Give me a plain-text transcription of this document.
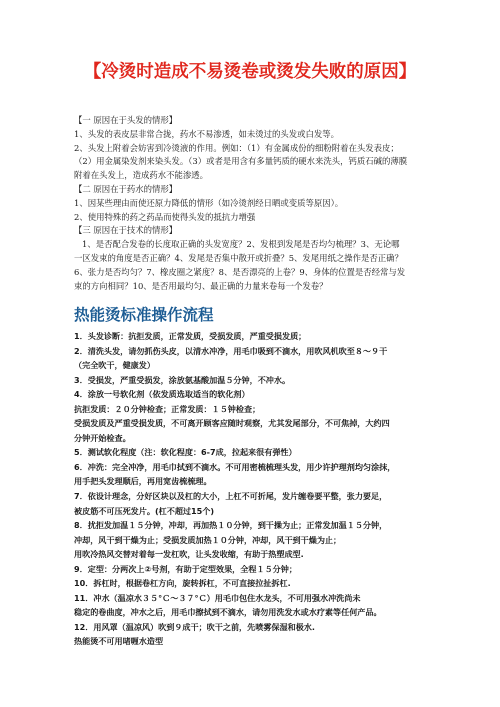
【冷烫时造成不易烫卷或烫发失败的原因】

【一 原因在于头发的情形】

1、头发的表皮层非常合拢，药水不易渗透，如未烫过的头发或白发等。

2、头发上附着会妨害到冷烫液的作用。例如：（1）有金属成份的细粉附着在头发表皮；

（2）用金属染发剂来染头发。（3）或者是用含有多量钙质的硬水来洗头，钙质石碱的薄膜

附着在头发上，造成药水不能渗透。

【二 原因在于药水的情形】

1、因某些理由而使还原力降低的情形（如冷烫剂经日晒或变质等原因）。

2、使用特殊的药之药品而使得头发的抵抗力增强

【三 原因在于技术的情形】

1、是否配合发卷的长度取正确的头发宽度？2、发根到发尾是否均匀梳理？3、无论哪

一区发束的角度是否正确？4、发尾是否集中散开或折叠？5、发尾用纸之操作是否正确？

6、张力是否均匀？7、橡皮圈之紧度？8、是否漂亮的上卷？9、身体的位置是否经常与发

束的方向相同？10、是否用最均匀、最正确的力量来卷每一个发卷？

热能烫标准操作流程

1．头发诊断：抗拒发质，正常发质，受损发质，严重受损发质；

2．清洗头发，请勿抓伤头皮，以清水冲净，用毛巾吸到不滴水，用吹风机吹至８～９干

（完全吹干，健康发）

3．受损发，严重受损发，涂放氨基酸加温５分钟，不冲水。

4．涂放一号软化剂（依发质选取适当的软化剂）

抗拒发质：２０分钟检查；正常发质：１５钟检查；

受损发质及严重受损发质，不可离开顾客应随时观察，尤其发尾部分，不可焦掉，大约四

分钟开始检查。

5．测试软化程度（注：软化程度：6-7成，拉起来很有弹性）

6．冲洗：完全冲净，用毛巾拭到不滴水。不可用密梳梳理头发，用少许护理剂均匀涂抹，

用手把头发理顺后，再用宽齿梳梳理。

7．依设计理念，分好区块以及杠的大小，上杠不可折尾，发片缠卷要平整，张力要足，

被皮筋不可压死发片。(杠不超过15个)

8．扰拒发加温１５分钟，冲却，再加热１０分钟，到干操为止；正常发加温１５分钟，

冲却，风干到干燥为止；受损发质加热１０分钟，冲却，风干到干燥为止；

用吹冷热风交替对着每一发杠吹，让头发收缩，有助于热塑成型.

9．定型：分两次上②号剂，有助于定型效果，全程１５分钟；

10．拆杠时，根据卷杠方向，旋转拆杠，不可直接拉扯拆杠.

11．冲水（温凉水３５°Ｃ～３７°Ｃ）用毛巾包住水龙头，不可用强水冲洗尚未

稳定的卷曲度，冲水之后，用毛巾擦拭到不滴水，请勿用洗发水或水疗素等任何产品。

12．用风罩（温凉风）吹到９成干；吹干之前，先喷雾保湿和极水.

热能烫不可用啫喱水造型
